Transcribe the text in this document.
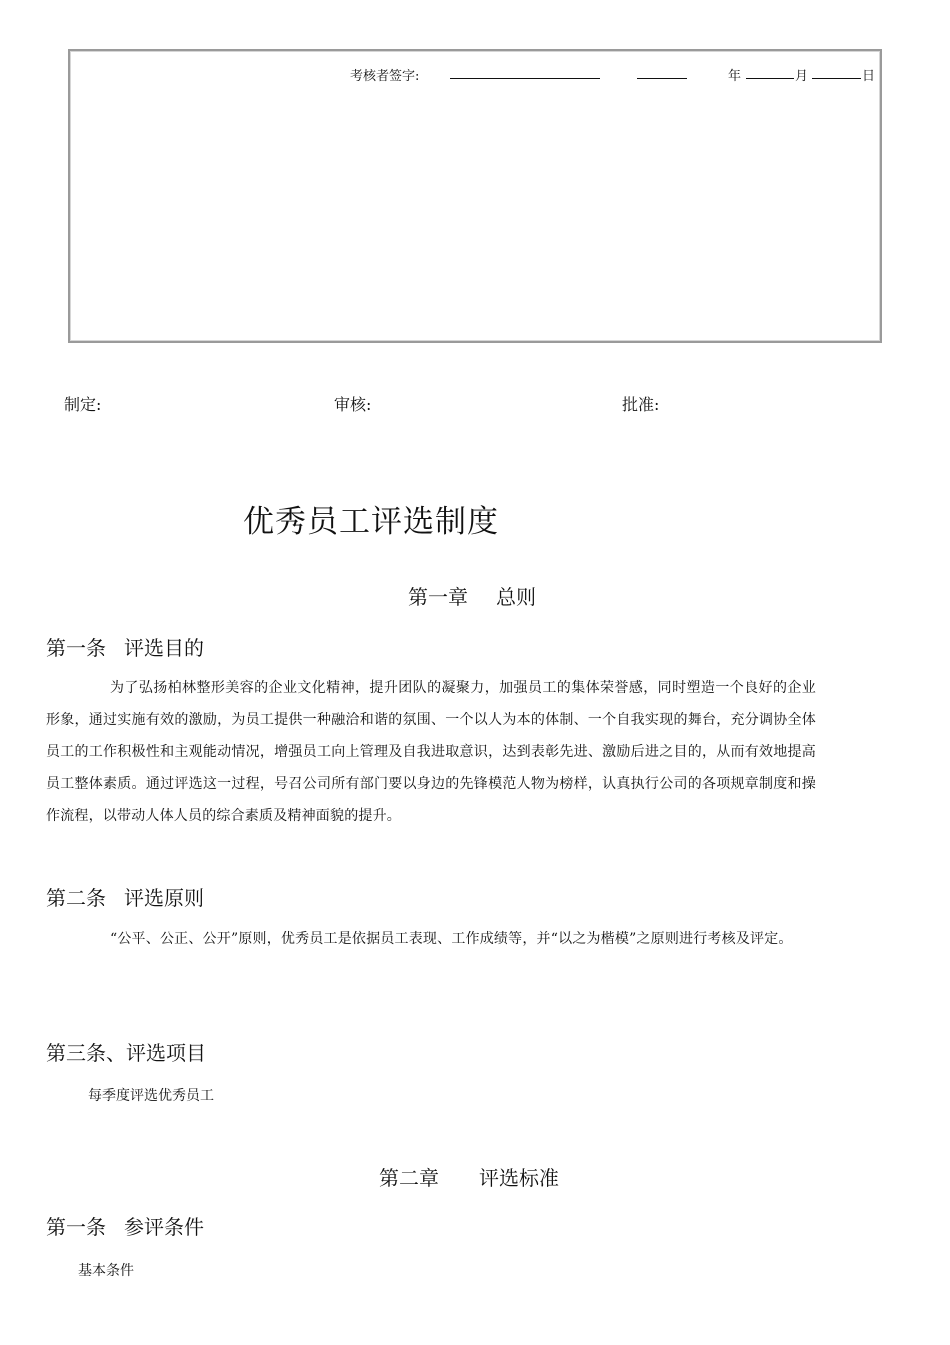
考核者签字:	年	月	日
制定:	审核:	批准:
优秀员工评选制度
第一章 总则
第一条 评选目的
为了弘扬柏林整形美容的企业文化精神，提升团队的凝聚力，加强员工的集体荣誉感，同时塑造一个良好的企业形象，通过实施有效的激励，为员工提供一种融洽和谐的氛围、一个以人为本的体制、一个自我实现的舞台，充分调协全体员工的工作积极性和主观能动情况，增强员工向上管理及自我进取意识，达到表彰先进、激励后进之目的，从而有效地提高员工整体素质。通过评选这一过程，号召公司所有部门要以身边的先锋模范人物为榜样，认真执行公司的各项规章制度和操作流程，以带动人体人员的综合素质及精神面貌的提升。
第二条 评选原则
“公平、公正、公开”原则，优秀员工是依据员工表现、工作成绩等，并“以之为楷模”之原则进行考核及评定。
第三条、评选项目
每季度评选优秀员工
第二章 评选标准
第一条 参评条件
基本条件
